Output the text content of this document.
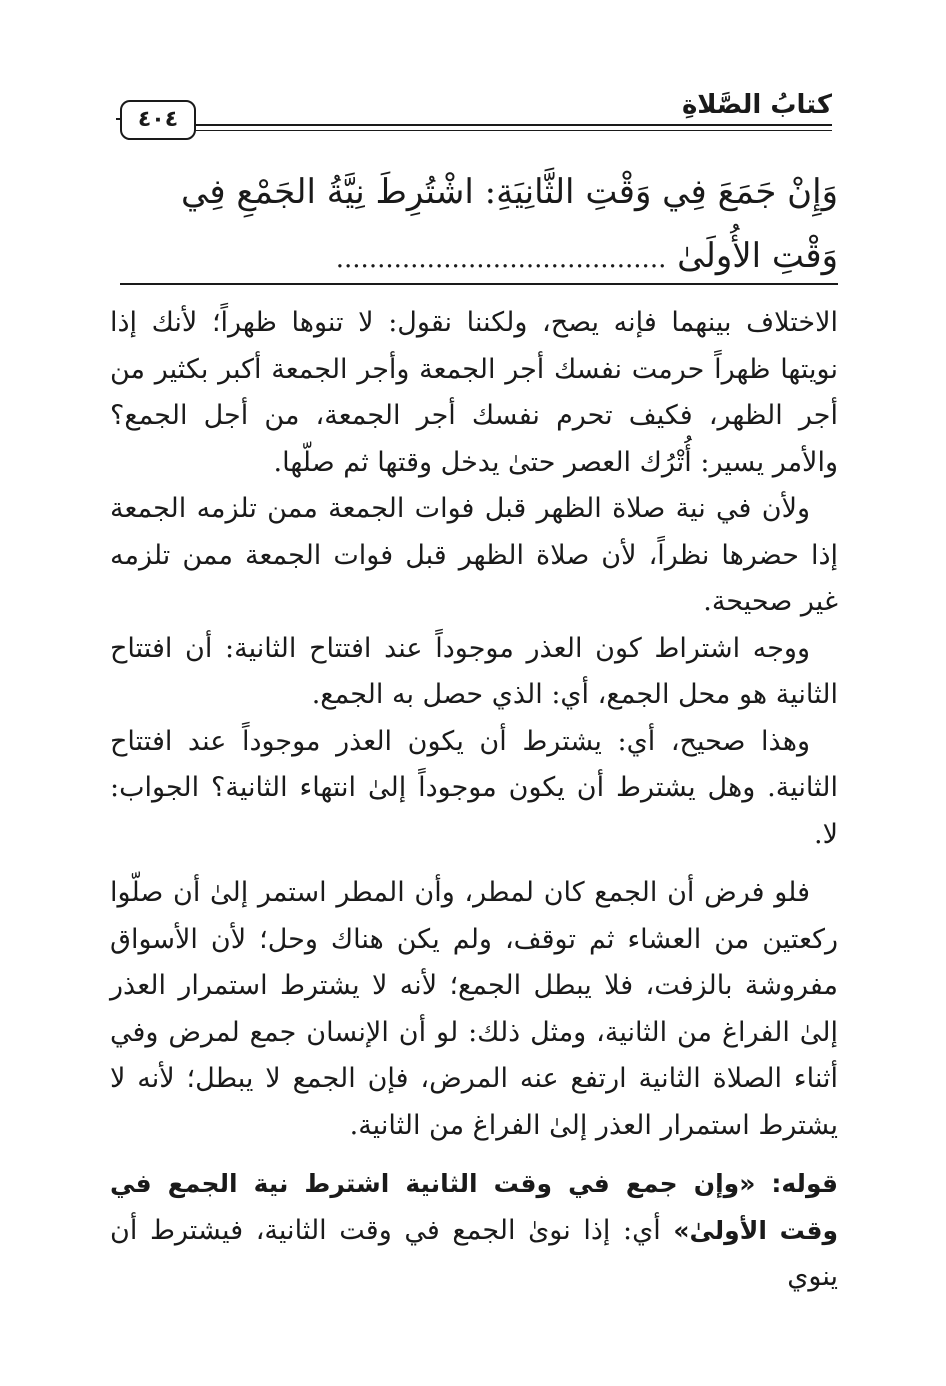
٤٠٤	كتابُ الصَّلاةِ
وَإِنْ جَمَعَ فِي وَقْتِ الثَّانِيَةِ: اشْتُرِطَ نِيَّةُ الجَمْعِ فِي
وَقْتِ الأُولَىٰ ........................................

الاختلاف بينهما فإنه يصح، ولكننا نقول: لا تنوها ظهراً؛ لأنك إذا نويتها ظهراً حرمت نفسك أجر الجمعة وأجر الجمعة أكبر بكثير من أجر الظهر، فكيف تحرم نفسك أجر الجمعة، من أجل الجمع؟ والأمر يسير: أُتْرُك العصر حتىٰ يدخل وقتها ثم صلّها.

ولأن في نية صلاة الظهر قبل فوات الجمعة ممن تلزمه الجمعة إذا حضرها نظراً، لأن صلاة الظهر قبل فوات الجمعة ممن تلزمه غير صحيحة.

ووجه اشتراط كون العذر موجوداً عند افتتاح الثانية: أن افتتاح الثانية هو محل الجمع، أي: الذي حصل به الجمع.

وهذا صحيح، أي: يشترط أن يكون العذر موجوداً عند افتتاح الثانية. وهل يشترط أن يكون موجوداً إلىٰ انتهاء الثانية؟ الجواب: لا.

فلو فرض أن الجمع كان لمطر، وأن المطر استمر إلىٰ أن صلّوا ركعتين من العشاء ثم توقف، ولم يكن هناك وحل؛ لأن الأسواق مفروشة بالزفت، فلا يبطل الجمع؛ لأنه لا يشترط استمرار العذر إلىٰ الفراغ من الثانية، ومثل ذلك: لو أن الإنسان جمع لمرض وفي أثناء الصلاة الثانية ارتفع عنه المرض، فإن الجمع لا يبطل؛ لأنه لا يشترط استمرار العذر إلىٰ الفراغ من الثانية.

قوله: «وإن جمع في وقت الثانية اشترط نية الجمع في وقت الأولىٰ» أي: إذا نوىٰ الجمع في وقت الثانية، فيشترط أن ينوي
